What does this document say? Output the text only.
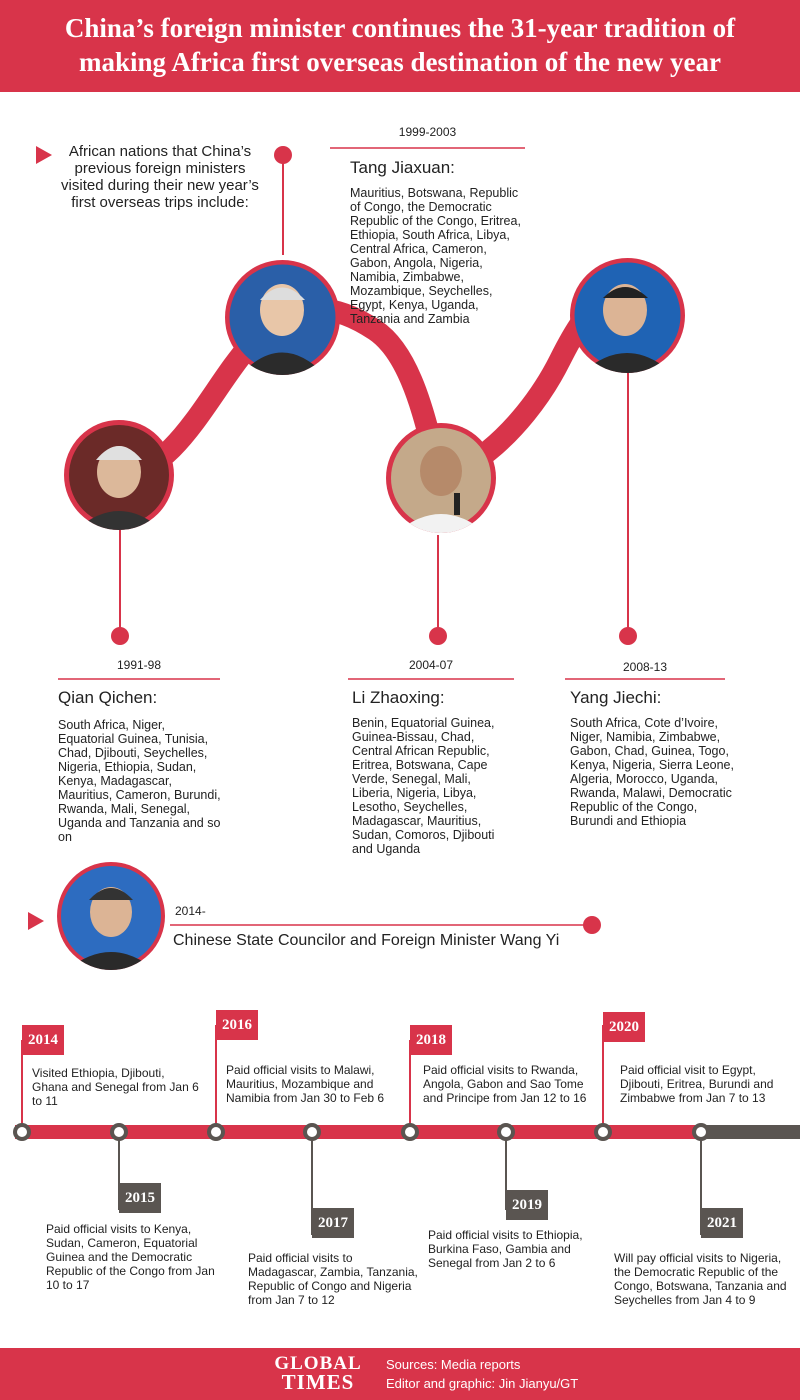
China’s foreign minister continues the 31-year tradition of
making Africa first overseas destination of the new year
African nations that China’s previous foreign ministers visited during their new year’s first overseas trips include:
1999-2003
Tang Jiaxuan:
Mauritius, Botswana, Republic of Congo, the Democratic Republic of the Congo, Eritrea, Ethiopia, South Africa, Libya, Central Africa, Cameron, Gabon, Angola, Nigeria, Namibia, Zimbabwe, Mozambique, Seychelles, Egypt, Kenya, Uganda, Tanzania and Zambia
1991-98
Qian Qichen:
South Africa, Niger, Equatorial Guinea, Tunisia, Chad, Djibouti, Seychelles, Nigeria, Ethiopia, Sudan, Kenya, Madagascar, Mauritius, Cameron, Burundi, Rwanda, Mali, Senegal, Uganda and Tanzania and so on
2004-07
Li Zhaoxing:
Benin, Equatorial Guinea, Guinea-Bissau, Chad, Central African Republic, Eritrea, Botswana, Cape Verde, Senegal, Mali, Liberia, Nigeria, Libya, Lesotho, Seychelles, Madagascar, Mauritius, Sudan, Comoros, Djibouti and Uganda
2008-13
Yang Jiechi:
South Africa, Cote d’Ivoire, Niger, Namibia, Zimbabwe, Gabon, Chad, Guinea, Togo, Kenya, Nigeria, Sierra Leone, Algeria, Morocco, Uganda, Rwanda, Malawi, Democratic Republic of the Congo, Burundi and Ethiopia
2014-
Chinese State Councilor and Foreign Minister Wang Yi
2014
2016
2018
2020
2015
2017
2019
2021
Visited Ethiopia, Djibouti, Ghana and Senegal from Jan 6 to 11
Paid official visits to Malawi, Mauritius, Mozambique and Namibia from Jan 30 to Feb 6
Paid official visits to Rwanda, Angola, Gabon and Sao Tome and Principe from Jan 12 to 16
Paid official visit to Egypt, Djibouti, Eritrea, Burundi and Zimbabwe from Jan 7 to 13
Paid official visits to Kenya, Sudan, Cameron, Equatorial Guinea and the Democratic Republic of the Congo from Jan 10 to 17
Paid official visits to Madagascar, Zambia, Tanzania, Republic of Congo and Nigeria from Jan 7 to 12
Paid official visits to Ethiopia, Burkina Faso, Gambia and Senegal from Jan 2 to 6	Will pay official visits to Nigeria, the Democratic Republic of the Congo, Botswana, Tanzania and Seychelles from Jan 4 to 9
GLOBAL
TIMES
Sources: Media reports
Editor and graphic: Jin Jianyu/GT
